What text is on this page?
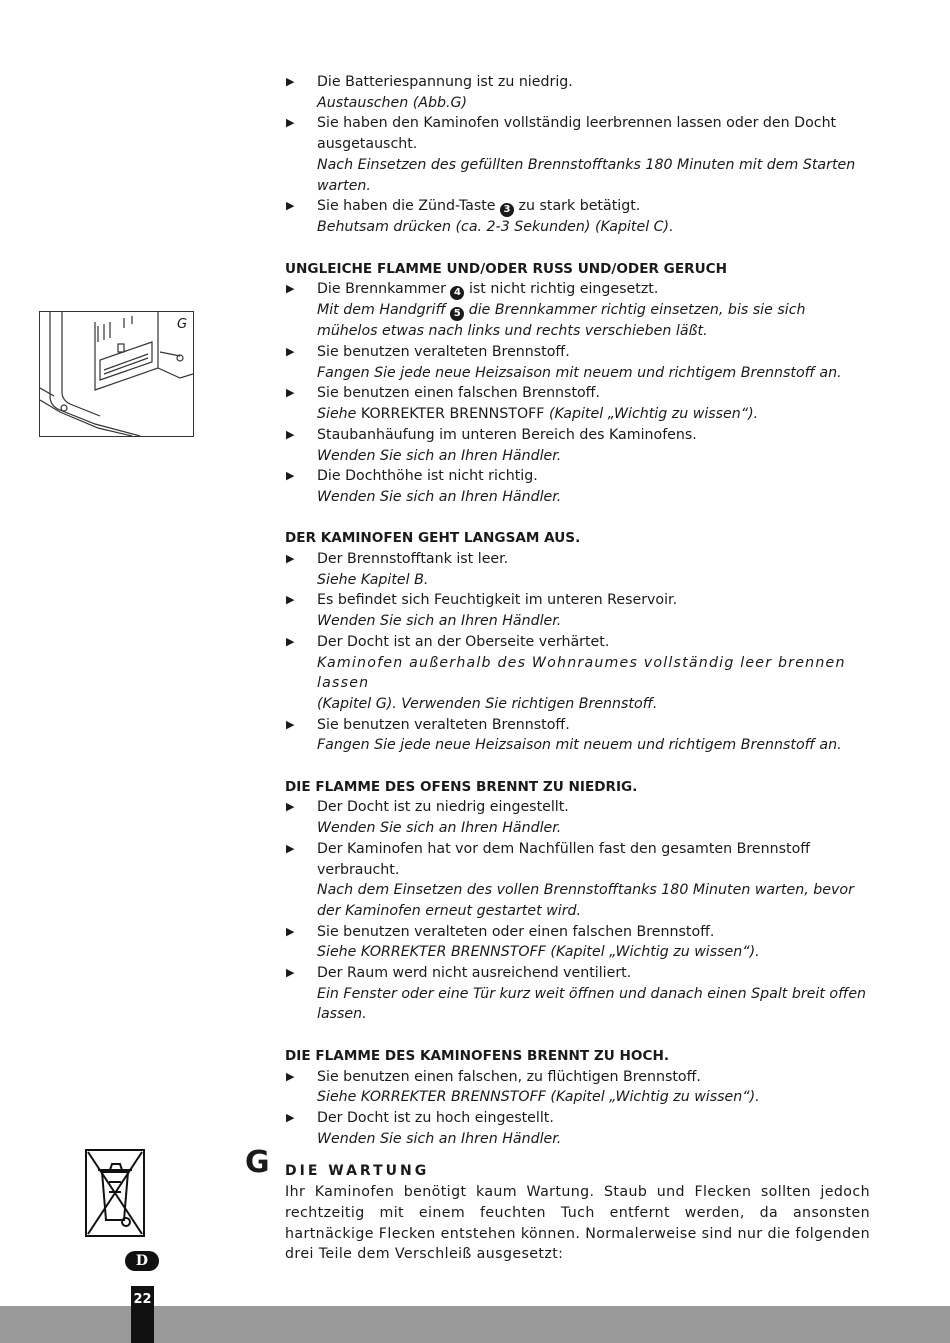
▶ Die Batteriespannung ist zu niedrig.
Austauschen (Abb.G)
▶ Sie haben den Kaminofen vollständig leerbrennen lassen oder den Docht ausgetauscht.
Nach Einsetzen des gefüllten Brennstofftanks 180 Minuten mit dem Starten warten.
▶ Sie haben die Zünd-Taste 3 zu stark betätigt.
Behutsam drücken (ca. 2-3 Sekunden) (Kapitel C).
UNGLEICHE FLAMME UND/ODER RUSS UND/ODER GERUCH
▶ Die Brennkammer 4 ist nicht richtig eingesetzt.
Mit dem Handgriff 5 die Brennkammer richtig einsetzen, bis sie sich mühelos etwas nach links und rechts verschieben läßt.
▶ Sie benutzen veralteten Brennstoff.
Fangen Sie jede neue Heizsaison mit neuem und richtigem Brennstoff an.
▶ Sie benutzen einen falschen Brennstoff.
Siehe KORREKTER BRENNSTOFF (Kapitel „Wichtig zu wissen“).
▶ Staubanhäufung im unteren Bereich des Kaminofens.
Wenden Sie sich an Ihren Händler.
▶ Die Dochthöhe ist nicht richtig.
Wenden Sie sich an Ihren Händler.
DER KAMINOFEN GEHT LANGSAM AUS.
▶ Der Brennstofftank ist leer.
Siehe Kapitel B.
▶ Es befindet sich Feuchtigkeit im unteren Reservoir.
Wenden Sie sich an Ihren Händler.
▶ Der Docht ist an der Oberseite verhärtet.
Kaminofen außerhalb des Wohnraumes vollständig leer brennen lassen
(Kapitel G). Verwenden Sie richtigen Brennstoff.
▶ Sie benutzen veralteten Brennstoff.
Fangen Sie jede neue Heizsaison mit neuem und richtigem Brennstoff an.
DIE FLAMME DES OFENS BRENNT ZU NIEDRIG.
▶ Der Docht ist zu niedrig eingestellt.
Wenden Sie sich an Ihren Händler.
▶ Der Kaminofen hat vor dem Nachfüllen fast den gesamten Brennstoff verbraucht.
Nach dem Einsetzen des vollen Brennstofftanks 180 Minuten warten, bevor der Kaminofen erneut gestartet wird.
▶ Sie benutzen veralteten oder einen falschen Brennstoff.
Siehe KORREKTER BRENNSTOFF (Kapitel „Wichtig zu wissen“).
▶ Der Raum werd nicht ausreichend ventiliert.
Ein Fenster oder eine Tür kurz weit öffnen und danach einen Spalt breit offen lassen.
DIE FLAMME DES KAMINOFENS BRENNT ZU HOCH.
▶ Sie benutzen einen falschen, zu flüchtigen Brennstoff.
Siehe KORREKTER BRENNSTOFF (Kapitel „Wichtig zu wissen“).
▶ Der Docht ist zu hoch eingestellt.
Wenden Sie sich an Ihren Händler.
G DIE WARTUNG
Ihr Kaminofen benötigt kaum Wartung. Staub und Flecken sollten jedoch rechtzeitig mit einem feuchten Tuch entfernt werden, da ansonsten hartnäckige Flecken entstehen können. Normalerweise sind nur die folgenden drei Teile dem Verschleiß ausgesetzt:
G
D
22
